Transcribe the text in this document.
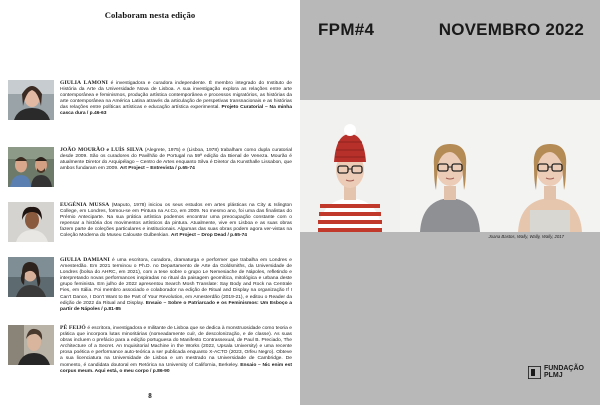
Colaboram nesta edição
GIULIA LAMONI é investigadora e curadora independente. É membro integrado do Instituto de História da Arte da Universidade Nova de Lisboa. A sua investigação explora as relações entre arte contemporânea e feminismos, produção artística contemporânea e processos migratórios, as histórias da arte contemporânea na América Latina através da articulação de perspetivas transnacionais e as histórias das relações entre políticas artísticas e educação artística experimental. Projeto Curatorial – Na minha casca dura / p.46-63
JOÃO MOURÃO e LUÍS SILVA (Alegrete, 1975) e (Lisboa, 1978) trabalham como dupla curatorial desde 2009. São os curadores do Pavilhão de Portugal na 59ª edição da Bienal de Veneza. Mourão é atualmente Diretor do Arquipélago – Centro de Artes enquanto Silva é Diretor da Kunsthalle Lissabon, que ambos fundaram em 2009. Art Project – Entrevista / p.65-74
EUGÉNIA MUSSA (Maputo, 1978) iniciou os seus estudos em artes plásticas na City & Islington College, em Londres, formou-se em Pintura na Ar.Co, em 2009. No mesmo ano, foi uma das finalistas do Prémio Anteciparte. Na sua prática artística podemos encontrar uma preocupação constante com o repensar a história dos movimentos artísticos da pintura. Atualmente, vive em Lisboa e as suas obras fazem parte de coleções particulares e institucionais. Algumas das suas obras podem agora ver-vistas na Coleção Moderna do Museu Calouste Gulbenkian. Art Project – Drop Dead / p.65-74
GIULIA DAMIANI é uma escritora, curadora, dramaturga e performer que trabalha em Londres e Amesterdão. Em 2021 terminou o Ph.D. no Departamento de Arte da Goldsmiths, da Universidade de Londres (bolsa do AHRC, em 2021), com a tese sobre o grupo Le Nemesiache de Nápoles, refletindo e interpretando novas performances inspiradas no ritual da paisagem geomítica, mitológica e urbana deste grupo feminista. Em julho de 2022 apresentou Search Mosh Translate: Say Body and Rock na Centrale Fies, em Itália. Foi membro associado e colaborador na edição de Ritual and Display na organização If I Can't Dance, I Don't Want to Be Part of Your Revolution, em Amesterdão (2019-21), e editou o Reader da edição de 2022 da Ritual and Display. Ensaio – Sobre o Patriarcado e os Feminismos: Um Esboço a partir de Nápoles / p.81-85
PÊ FEIJÓ é escritora, investigadora e militante de Lisboa que se dedica à monstruosidade como teoria e prática que incorpora lutas minoritárias (nomeadamente cuír, de descolonização, e de classe). As suas obras incluem o prefácio para a edição portuguesa do Manifesto Contrassexual, de Paul B. Preciado, The Architecture of a Secret. An Inquisitorial Machine in the Works (2022, Upsala University) e uma recente prosa poética e performance auto-teórica a ser publicada enquanto X-ACTO (2023, Orfeu Negro). Obteve a sua licenciatura na Universidade de Lisboa e um mestrado na Universidade de Cambridge. De momento, é candidata doutoral em Retórica na University of California, Berkeley. Ensaio – Nic enim est corpus meum. Aqui está, o meu corpo / p.86-90
8
FPM#4	NOVEMBRO 2022
Joana Bastos, Wally, Wally, Wally, 2017
FUNDAÇÃO
PLMJ
